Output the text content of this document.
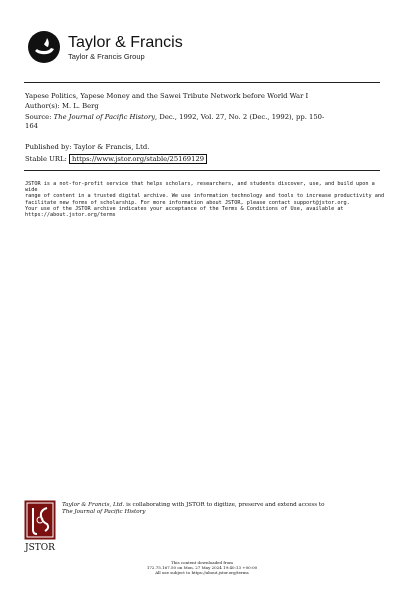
Taylor & Francis
Taylor & Francis Group
Yapese Politics, Yapese Money and the Sawei Tribute Network before World War I
Author(s): M. L. Berg
Source: The Journal of Pacific History, Dec., 1992, Vol. 27, No. 2 (Dec., 1992), pp. 150-
164
Published by: Taylor & Francis, Ltd.
Stable URL: https://www.jstor.org/stable/25169129
JSTOR is a not-for-profit service that helps scholars, researchers, and students discover, use, and build upon a wide
range of content in a trusted digital archive. We use information technology and tools to increase productivity and
facilitate new forms of scholarship. For more information about JSTOR, please contact support@jstor.org.
Your use of the JSTOR archive indicates your acceptance of the Terms & Conditions of Use, available at
https://about.jstor.org/terms
JSTOR
Taylor & Francis, Ltd. is collaborating with JSTOR to digitize, preserve and extend access to
The Journal of Pacific History
This content downloaded from
172.75.167.50 on Mon, 27 May 2024 19:40:13 +00:00
All use subject to https://about.jstor.org/terms
